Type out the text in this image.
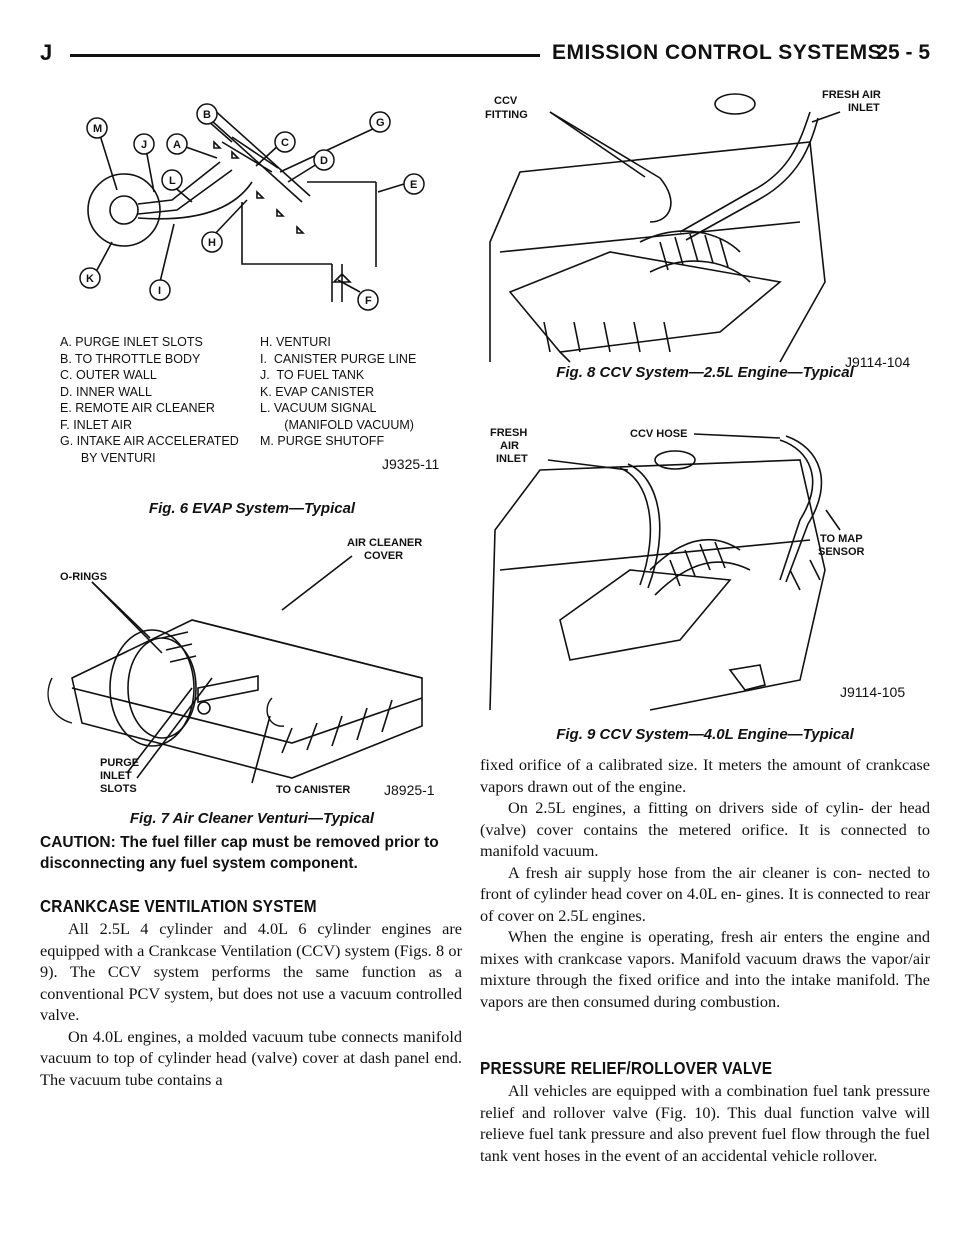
J	EMISSION CONTROL SYSTEMS
25 - 5
M
J A
B
C
G
D
E
L
H
K
I
F
A. PURGE INLET SLOTS
B. TO THROTTLE BODY
C. OUTER WALL
D. INNER WALL
E. REMOTE AIR CLEANER
F. INLET AIR
G. INTAKE AIR ACCELERATED
BY VENTURI
H. VENTURI
I.  CANISTER PURGE LINE
J.  TO FUEL TANK
K. EVAP CANISTER
L. VACUUM SIGNAL
(MANIFOLD VACUUM)
M. PURGE SHUTOFF
J9325-11
Fig. 6 EVAP System—Typical
AIR CLEANER
COVER
O-RINGS
PURGE
INLET
SLOTS	TO CANISTER J8925-1
Fig. 7 Air Cleaner Venturi—Typical
CAUTION: The fuel filler cap must be removed prior to disconnecting any fuel system component.
CRANKCASE VENTILATION SYSTEM

All 2.5L 4 cylinder and 4.0L 6 cylinder engines are equipped with a Crankcase Ventilation (CCV) system (Figs. 8 or 9). The CCV system performs the same function as a conventional PCV system, but does not use a vacuum controlled valve.

On 4.0L engines, a molded vacuum tube connects manifold vacuum to top of cylinder head (valve) cover at dash panel end. The vacuum tube contains a

CCV
FITTING
FRESH AIR
INLET
J9114-104
Fig. 8 CCV System—2.5L Engine—Typical
FRESH
AIR
INLET
CCV HOSE
TO MAP
SENSOR
J9114-105
Fig. 9 CCV System—4.0L Engine—Typical

fixed orifice of a calibrated size. It meters the amount of crankcase vapors drawn out of the engine.

On 2.5L engines, a fitting on drivers side of cylin- der head (valve) cover contains the metered orifice. It is connected to manifold vacuum.

A fresh air supply hose from the air cleaner is con- nected to front of cylinder head cover on 4.0L en- gines. It is connected to rear of cover on 2.5L engines.

When the engine is operating, fresh air enters the engine and mixes with crankcase vapors. Manifold vacuum draws the vapor/air mixture through the fixed orifice and into the intake manifold. The vapors are then consumed during combustion.

PRESSURE RELIEF/ROLLOVER VALVE

All vehicles are equipped with a combination fuel tank pressure relief and rollover valve (Fig. 10). This dual function valve will relieve fuel tank pressure and also prevent fuel flow through the fuel tank vent hoses in the event of an accidental vehicle rollover.
